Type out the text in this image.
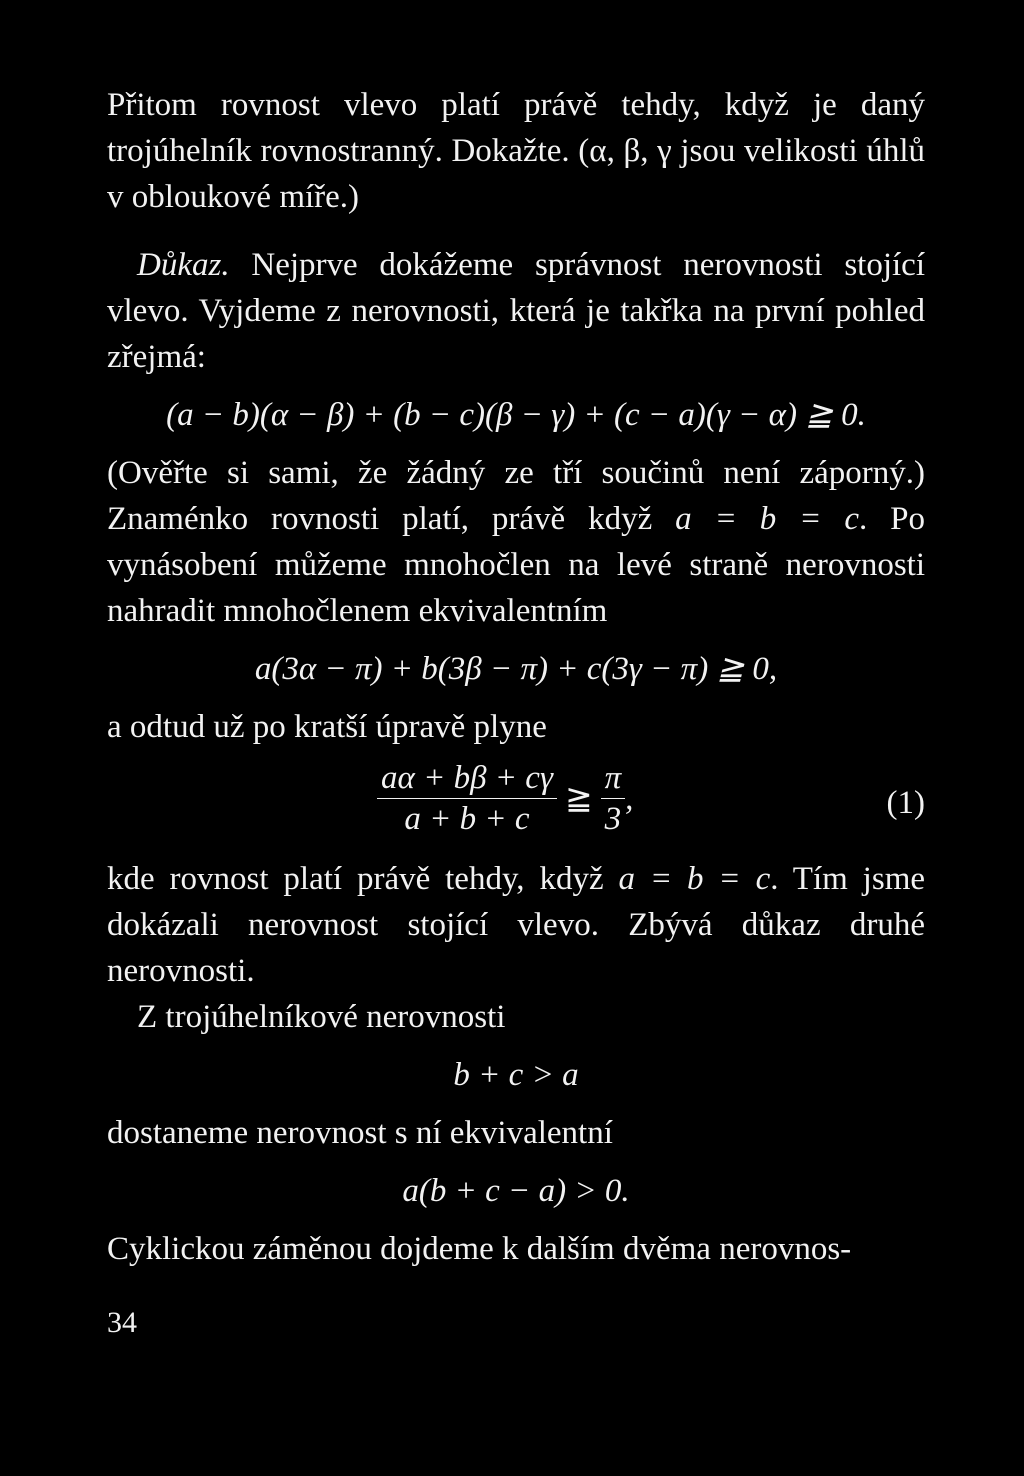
Přitom rovnost vlevo platí právě tehdy, když je daný trojúhelník rovnostranný. Dokažte. (α, β, γ jsou velikosti úhlů v obloukové míře.)

Důkaz. Nejprve dokážeme správnost nerovnosti stojící vlevo. Vyjdeme z nerovnosti, která je takřka na první pohled zřejmá:

(a − b)(α − β) + (b − c)(β − γ) + (c − a)(γ − α) ≧ 0.

(Ověřte si sami, že žádný ze tří součinů není záporný.) Znaménko rovnosti platí, právě když a = b = c. Po vynásobení můžeme mnohočlen na levé straně nerovnosti nahradit mnohočlenem ekvivalentním

a(3α − π) + b(3β − π) + c(3γ − π) ≧ 0,

a odtud už po kratší úpravě plyne

$\frac{a\alpha + b\beta + c\gamma}{a + b + c}$ ≧ $\frac{\pi}{3}$ ,	(1)

kde rovnost platí právě tehdy, když a = b = c. Tím jsme dokázali nerovnost stojící vlevo. Zbývá důkaz druhé nerovnosti.

Z trojúhelníkové nerovnosti

b + c > a

dostaneme nerovnost s ní ekvivalentní

a(b + c − a) > 0.

Cyklickou záměnou dojdeme k dalším dvěma nerovnos-

34
